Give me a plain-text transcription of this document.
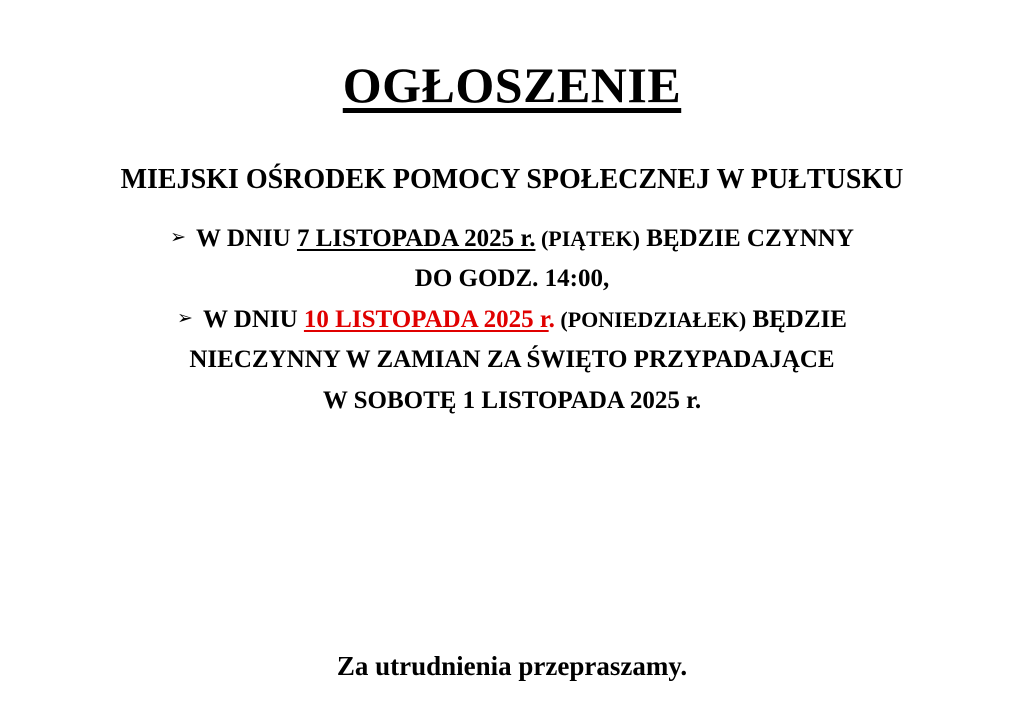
OGŁOSZENIE
MIEJSKI OŚRODEK POMOCY SPOŁECZNEJ W PUŁTUSKU
➢ W DNIU 7 LISTOPADA 2025 r. (PIĄTEK) BĘDZIE CZYNNY
DO GODZ. 14:00,
➢ W DNIU 10 LISTOPADA 2025 r. (PONIEDZIAŁEK) BĘDZIE
NIECZYNNY W ZAMIAN ZA ŚWIĘTO PRZYPADAJĄCE
W SOBOTĘ 1 LISTOPADA 2025 r.
Za utrudnienia przepraszamy.
